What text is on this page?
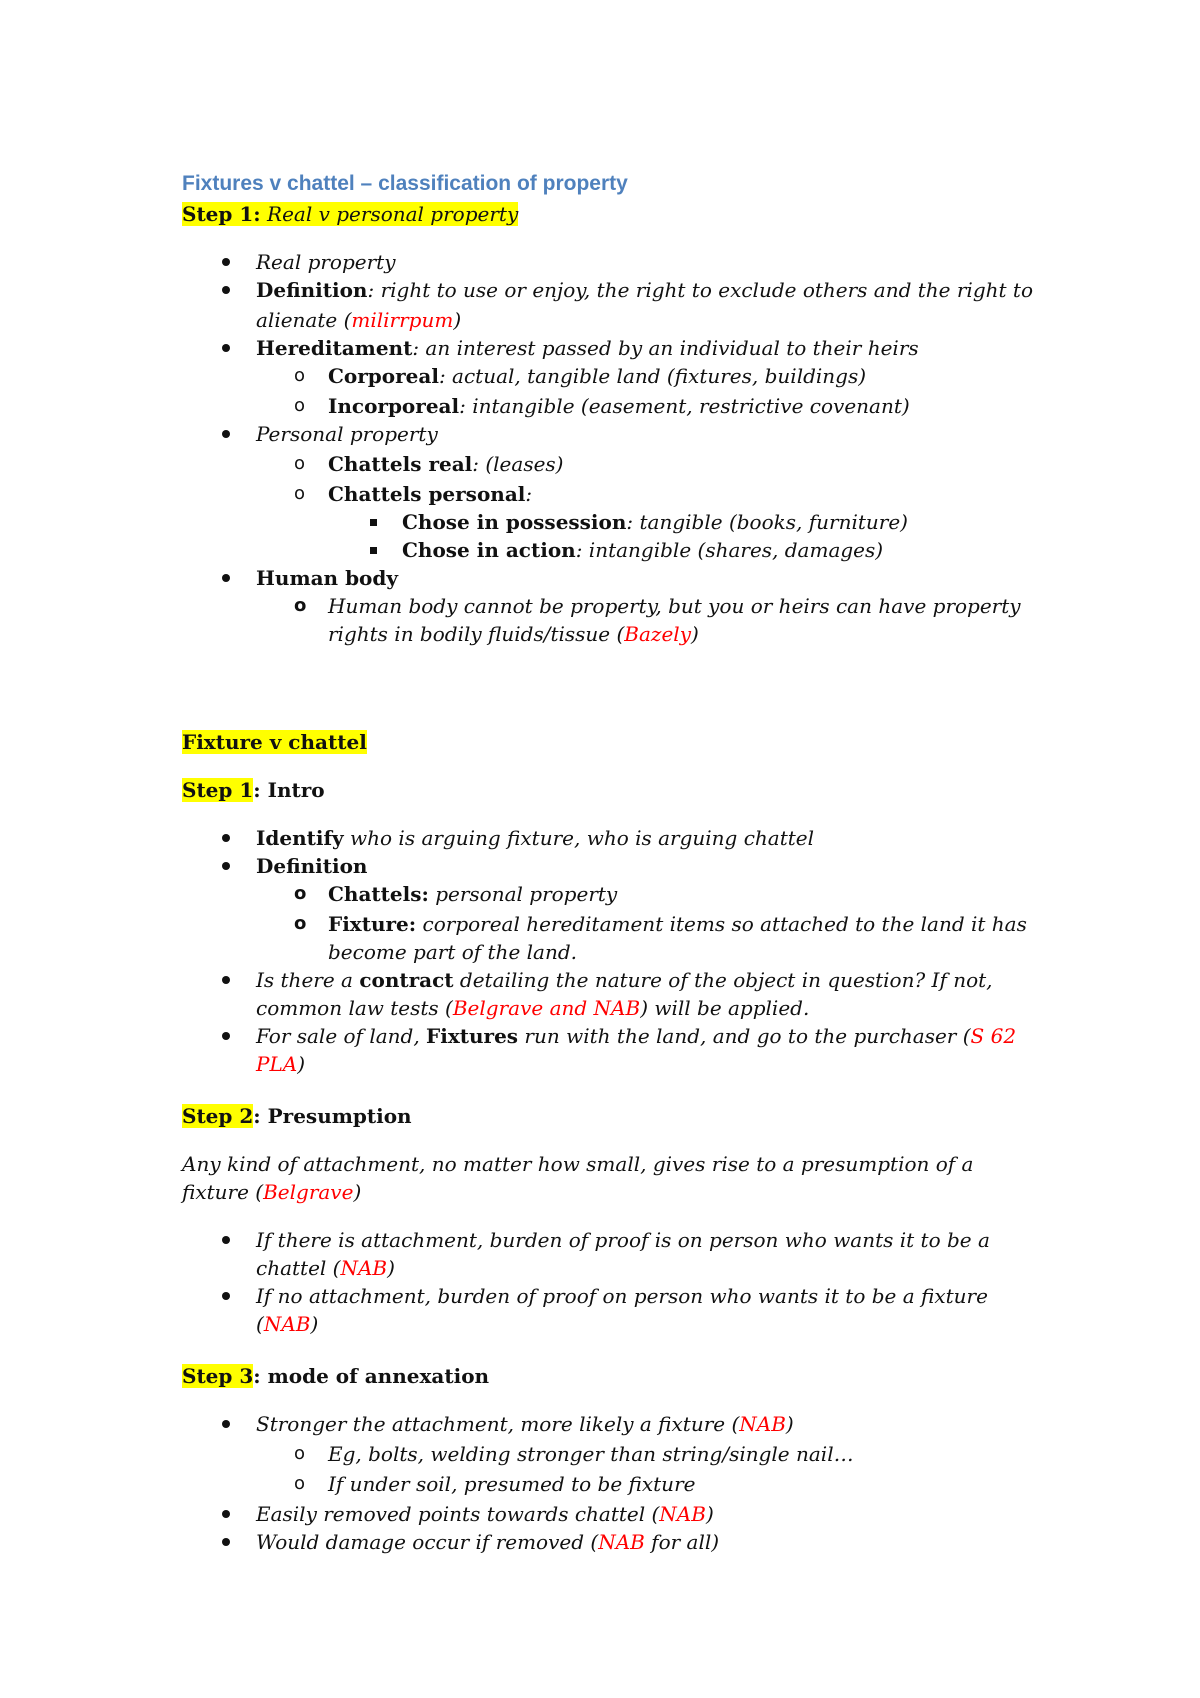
Fixtures v chattel – classification of property
Step 1: Real v personal property
Real property
Definition: right to use or enjoy, the right to exclude others and the right to
alienate (milirrpum)
Hereditament: an interest passed by an individual to their heirs
o Corporeal: actual, tangible land (fixtures, buildings)
o Incorporeal: intangible (easement, restrictive covenant)
Personal property
o Chattels real: (leases)
o Chattels personal:
Chose in possession: tangible (books, furniture)
Chose in action: intangible (shares, damages)
Human body
o Human body cannot be property, but you or heirs can have property
rights in bodily fluids/tissue (Bazely)
Fixture v chattel
Step 1: Intro
Identify who is arguing fixture, who is arguing chattel
Definition
o Chattels: personal property
o Fixture: corporeal hereditament items so attached to the land it has
become part of the land.
Is there a contract detailing the nature of the object in question? If not,
common law tests (Belgrave and NAB) will be applied.
For sale of land, Fixtures run with the land, and go to the purchaser (S 62
PLA)
Step 2: Presumption
Any kind of attachment, no matter how small, gives rise to a presumption of a
fixture (Belgrave)
If there is attachment, burden of proof is on person who wants it to be a
chattel (NAB)
If no attachment, burden of proof on person who wants it to be a fixture
(NAB)
Step 3: mode of annexation
Stronger the attachment, more likely a fixture (NAB)
o Eg, bolts, welding stronger than string/single nail…
o If under soil, presumed to be fixture
Easily removed points towards chattel (NAB)
Would damage occur if removed (NAB for all)
